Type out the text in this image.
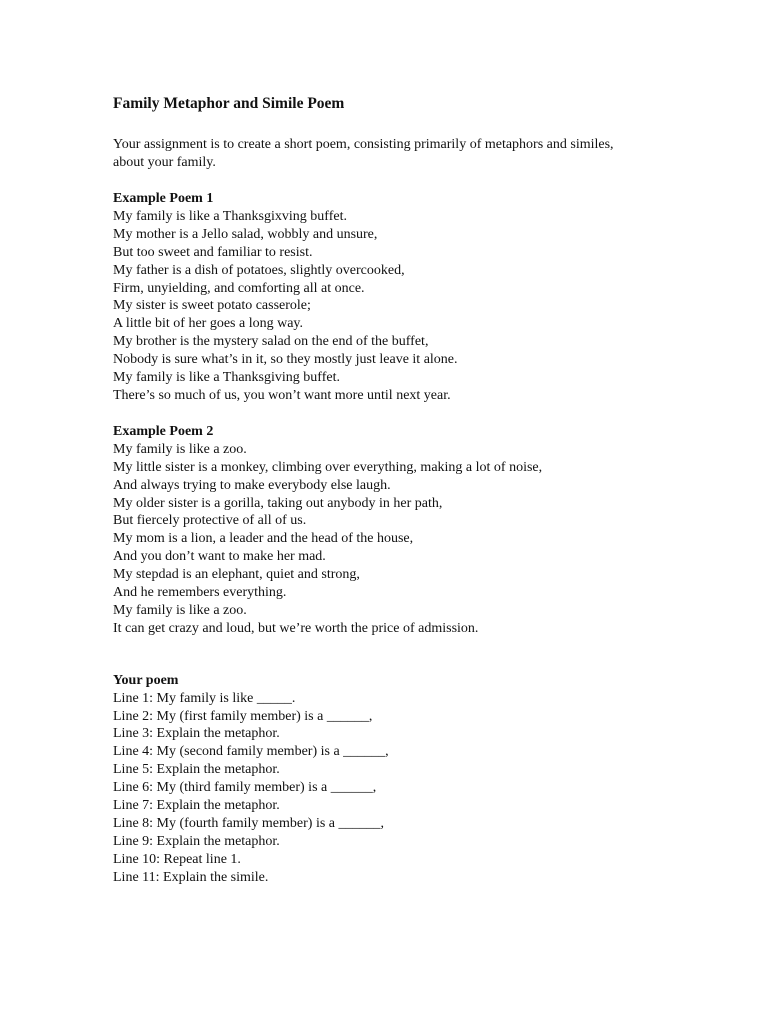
Family Metaphor and Simile Poem
Your assignment is to create a short poem, consisting primarily of metaphors and similes,
about your family.
Example Poem 1
My family is like a Thanksgixving buffet.
My mother is a Jello salad, wobbly and unsure,
But too sweet and familiar to resist.
My father is a dish of potatoes, slightly overcooked,
Firm, unyielding, and comforting all at once.
My sister is sweet potato casserole;
A little bit of her goes a long way.
My brother is the mystery salad on the end of the buffet,
Nobody is sure what’s in it, so they mostly just leave it alone.
My family is like a Thanksgiving buffet.
There’s so much of us, you won’t want more until next year.
Example Poem 2
My family is like a zoo.
My little sister is a monkey, climbing over everything, making a lot of noise,
And always trying to make everybody else laugh.
My older sister is a gorilla, taking out anybody in her path,
But fiercely protective of all of us.
My mom is a lion, a leader and the head of the house,
And you don’t want to make her mad.
My stepdad is an elephant, quiet and strong,
And he remembers everything.
My family is like a zoo.
It can get crazy and loud, but we’re worth the price of admission.
Your poem
Line 1: My family is like _____.
Line 2: My (first family member) is a ______,
Line 3: Explain the metaphor.
Line 4: My (second family member) is a ______,
Line 5: Explain the metaphor.
Line 6: My (third family member) is a ______,
Line 7: Explain the metaphor.
Line 8: My (fourth family member) is a ______,
Line 9: Explain the metaphor.
Line 10: Repeat line 1.
Line 11: Explain the simile.
